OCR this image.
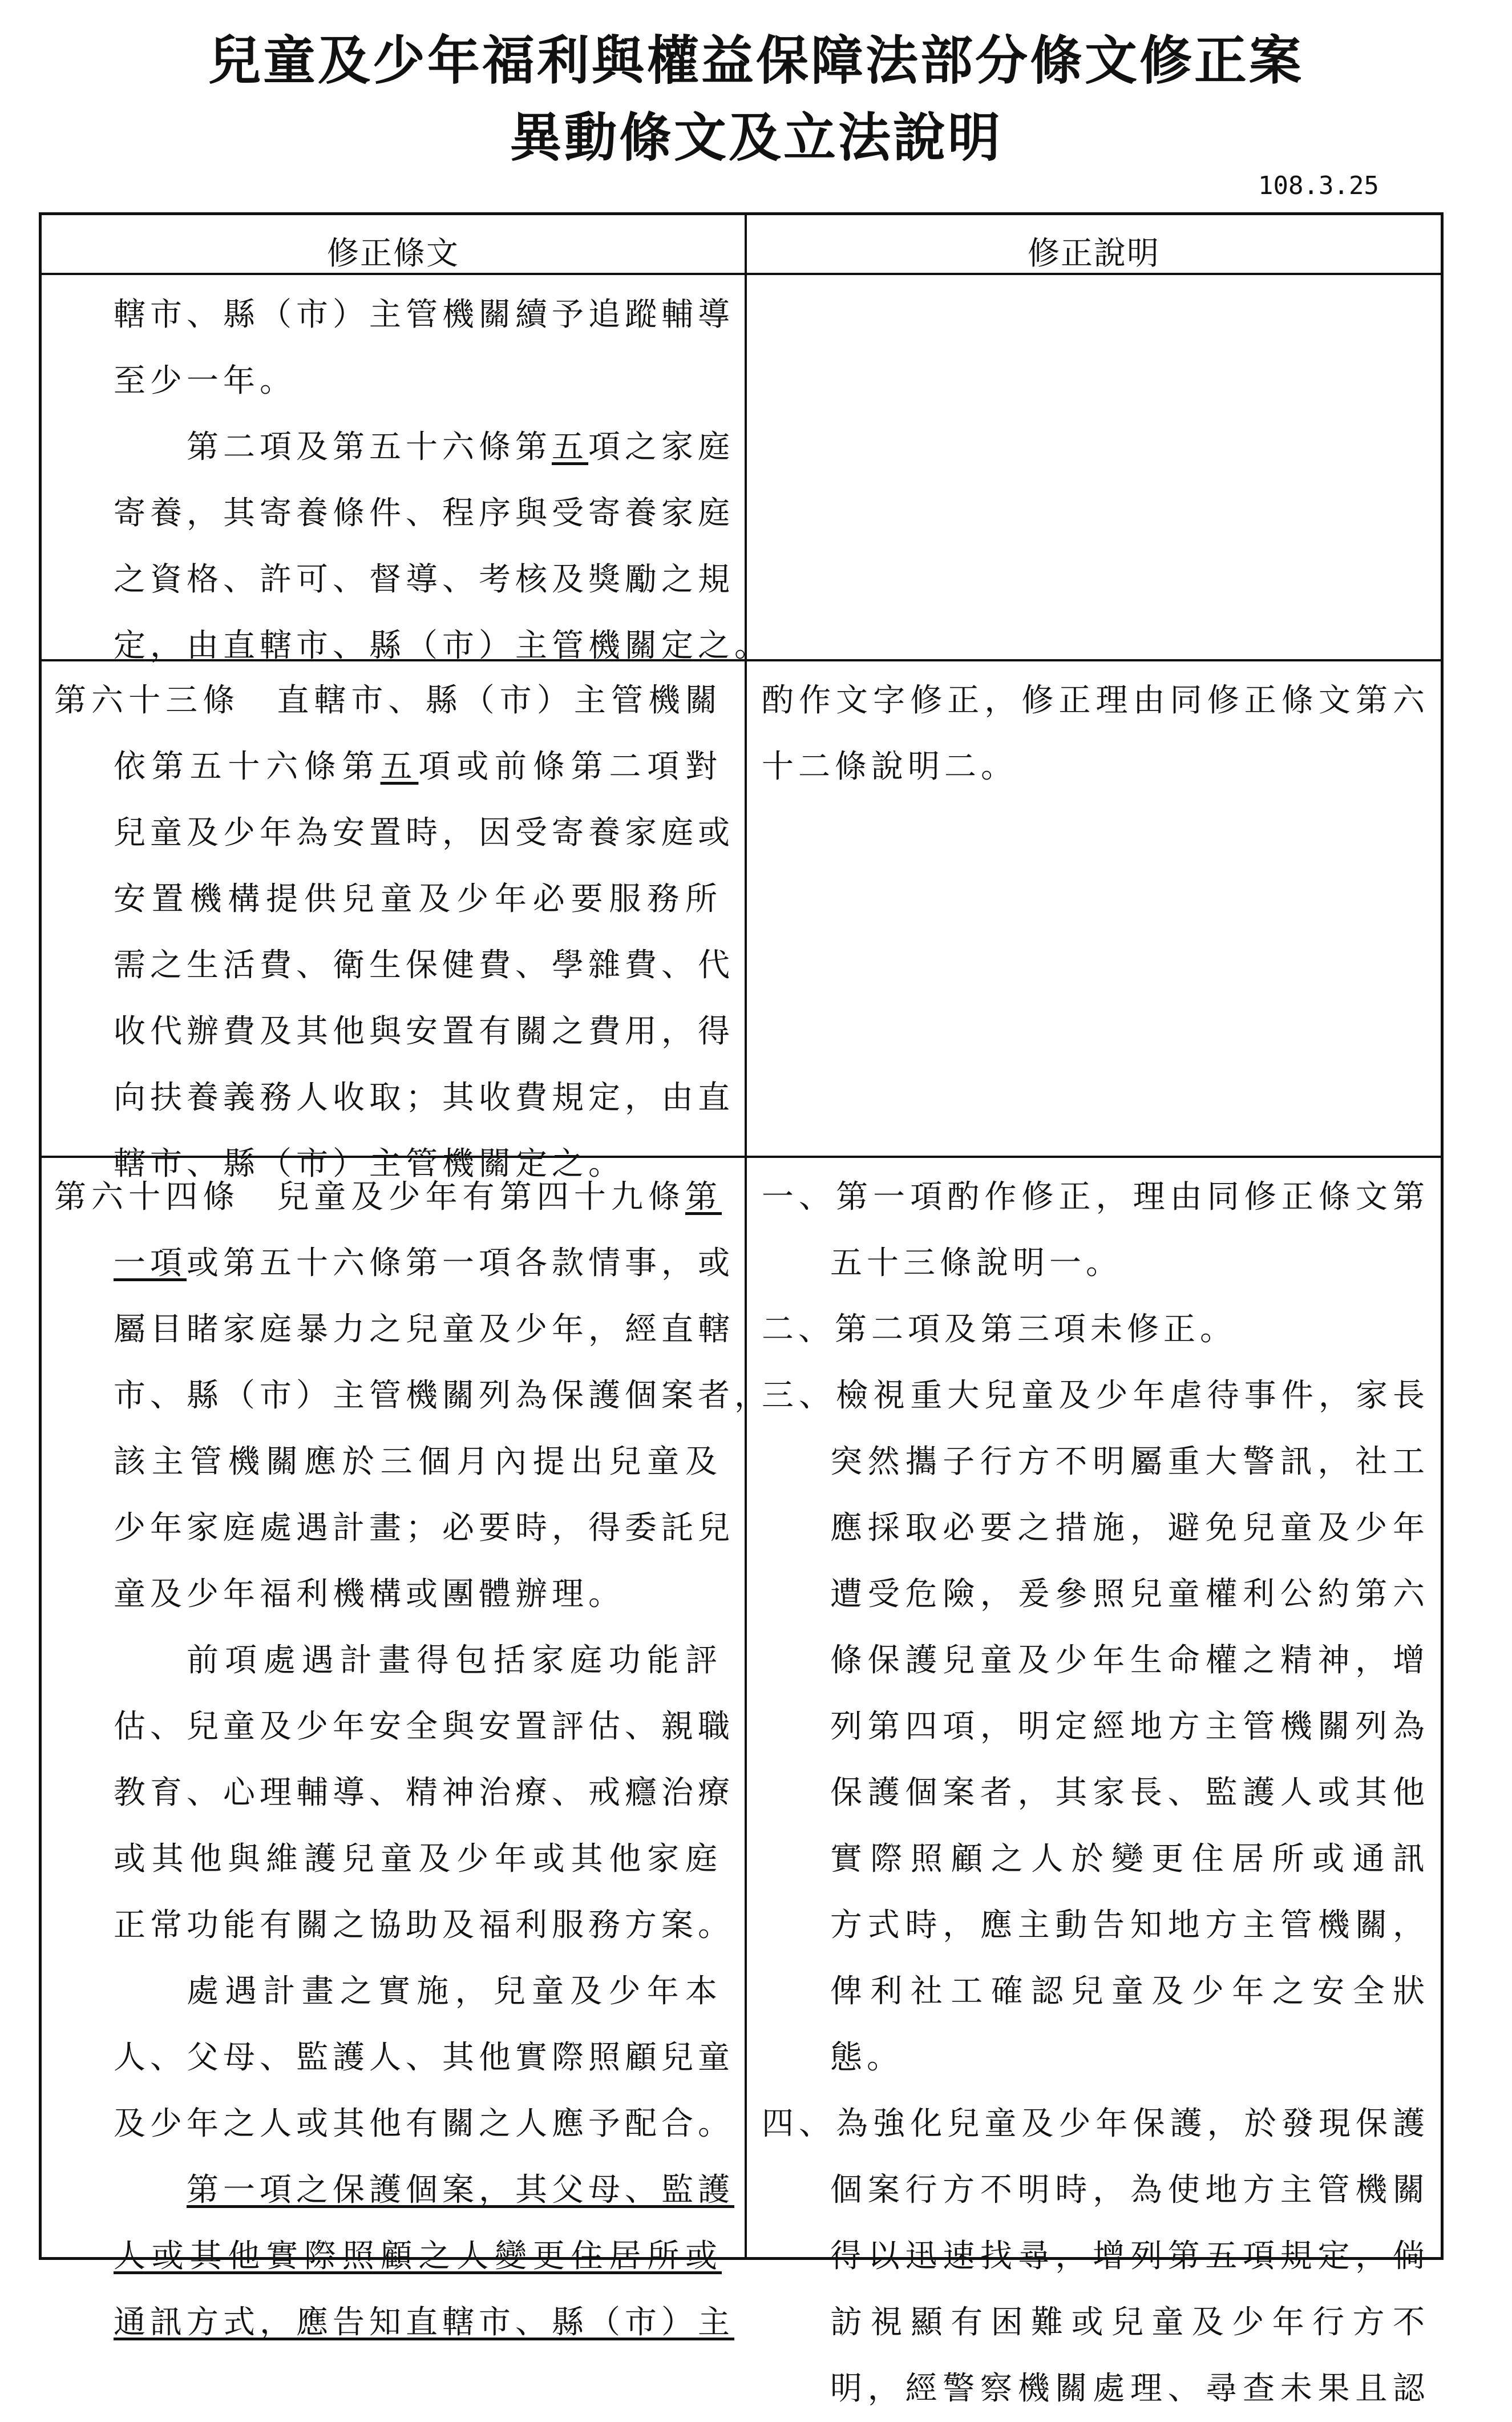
兒童及少年福利與權益保障法部分條文修正案
異動條文及立法說明
108.3.25
修正條文	修正說明
轄市、縣（市）主管機關續予追蹤輔導
至少一年。
第二項及第五十六條第五項之家庭
寄養，其寄養條件、程序與受寄養家庭
之資格、許可、督導、考核及獎勵之規
定，由直轄市、縣（市）主管機關定之。
第六十三條　直轄市、縣（市）主管機關
依第五十六條第五項或前條第二項對
兒童及少年為安置時，因受寄養家庭或
安置機構提供兒童及少年必要服務所
需之生活費、衛生保健費、學雜費、代
收代辦費及其他與安置有關之費用，得
向扶養義務人收取；其收費規定，由直
轄市、縣（市）主管機關定之。
酌作文字修正，修正理由同修正條文第六
十二條說明二。
第六十四條　兒童及少年有第四十九條第
一項或第五十六條第一項各款情事，或
屬目睹家庭暴力之兒童及少年，經直轄
市、縣（市）主管機關列為保護個案者，
該主管機關應於三個月內提出兒童及
少年家庭處遇計畫；必要時，得委託兒
童及少年福利機構或團體辦理。
前項處遇計畫得包括家庭功能評
估、兒童及少年安全與安置評估、親職
教育、心理輔導、精神治療、戒癮治療
或其他與維護兒童及少年或其他家庭
正常功能有關之協助及福利服務方案。
處遇計畫之實施，兒童及少年本
人、父母、監護人、其他實際照顧兒童
及少年之人或其他有關之人應予配合。
第一項之保護個案，其父母、監護
人或其他實際照顧之人變更住居所或
通訊方式，應告知直轄市、縣（市）主
一、第一項酌作修正，理由同修正條文第
五十三條說明一。
二、第二項及第三項未修正。
三、檢視重大兒童及少年虐待事件，家長
突然攜子行方不明屬重大警訊，社工
應採取必要之措施，避免兒童及少年
遭受危險，爰參照兒童權利公約第六
條保護兒童及少年生命權之精神，增
列第四項，明定經地方主管機關列為
保護個案者，其家長、監護人或其他
實際照顧之人於變更住居所或通訊
方式時，應主動告知地方主管機關，
俾利社工確認兒童及少年之安全狀
態。
四、為強化兒童及少年保護，於發現保護
個案行方不明時，為使地方主管機關
得以迅速找尋，增列第五項規定，倘
訪視顯有困難或兒童及少年行方不
明，經警察機關處理、尋查未果且認
